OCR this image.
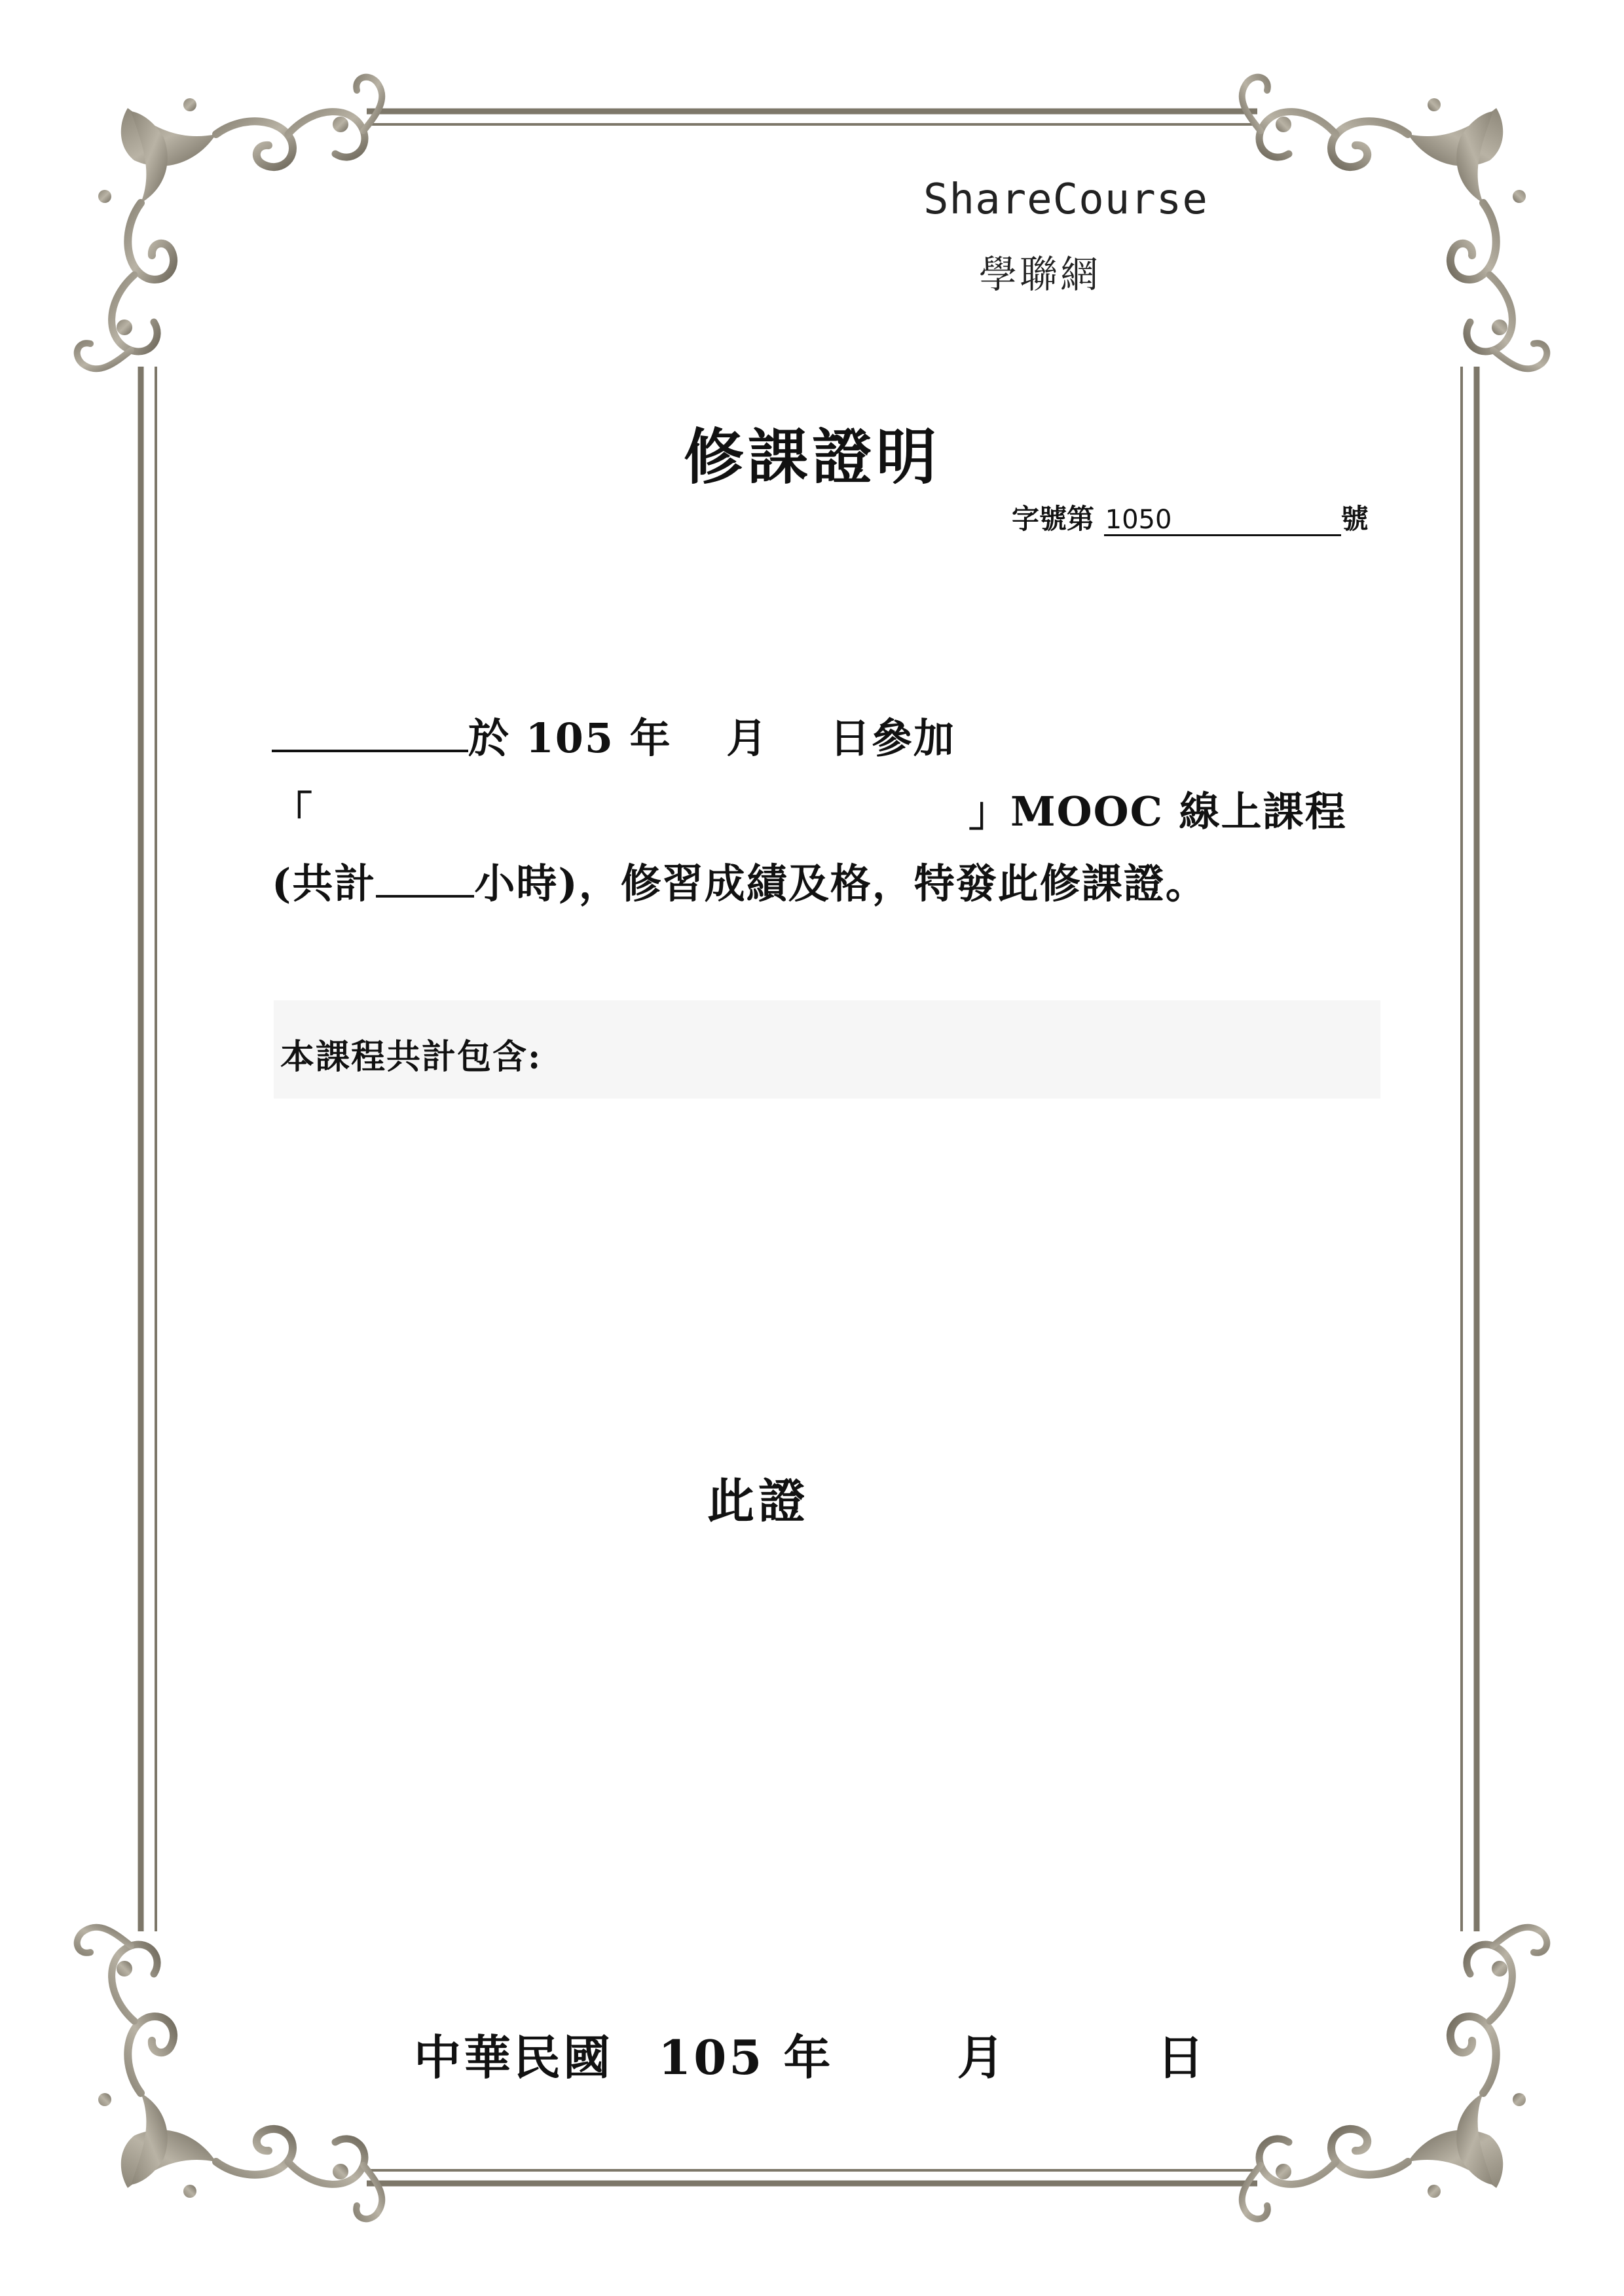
ShareCourse
學聯網
修課證明
字號第 1050	號
於 105 年 月 日參加
「	」MOOC 線上課程
(共計 小時)，修習成績及格，特發此修課證。
本課程共計包含:
此證
中華民國 105 年	月	日
